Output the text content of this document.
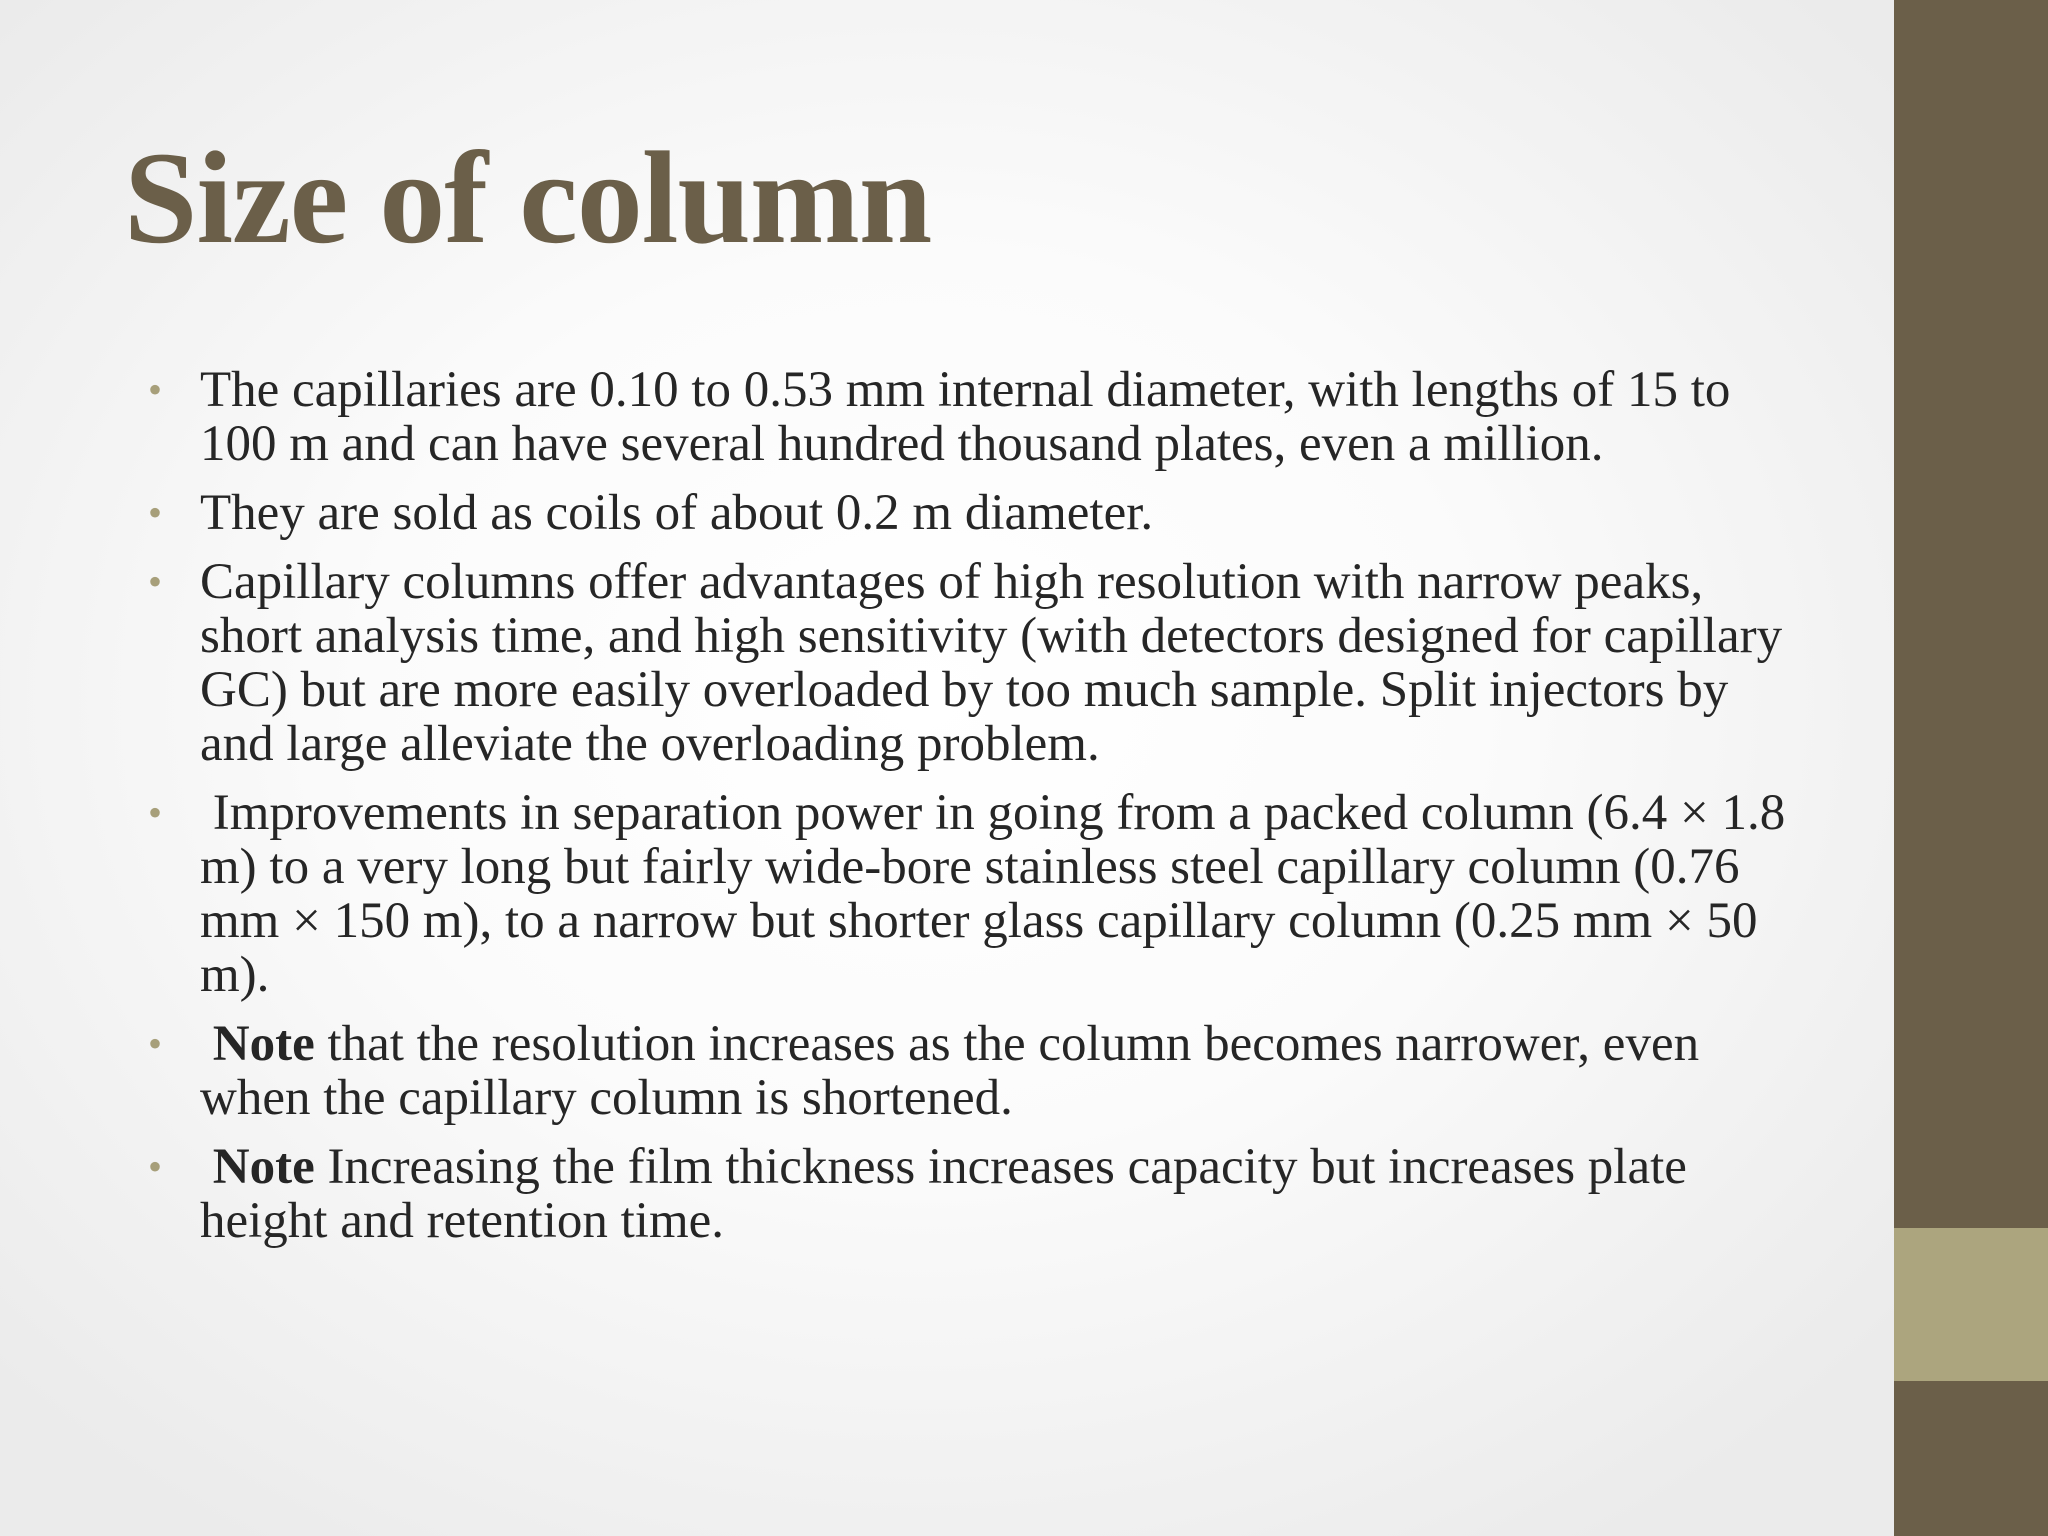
Size of column
• The capillaries are 0.10 to 0.53 mm internal diameter, with lengths of 15 to 100 m and can have several hundred thousand plates, even a million.
• They are sold as coils of about 0.2 m diameter.
• Capillary columns offer advantages of high resolution with narrow peaks, short analysis time, and high sensitivity (with detectors designed for capillary GC) but are more easily overloaded by too much sample. Split injectors by and large alleviate the overloading problem.
• Improvements in separation power in going from a packed column (6.4 × 1.8 m) to a very long but fairly wide-bore stainless steel capillary column (0.76 mm × 150 m), to a narrow but shorter glass capillary column (0.25 mm × 50 m).
• Note that the resolution increases as the column becomes narrower, even when the capillary column is shortened.
• Note Increasing the film thickness increases capacity but increases plate height and retention time.
